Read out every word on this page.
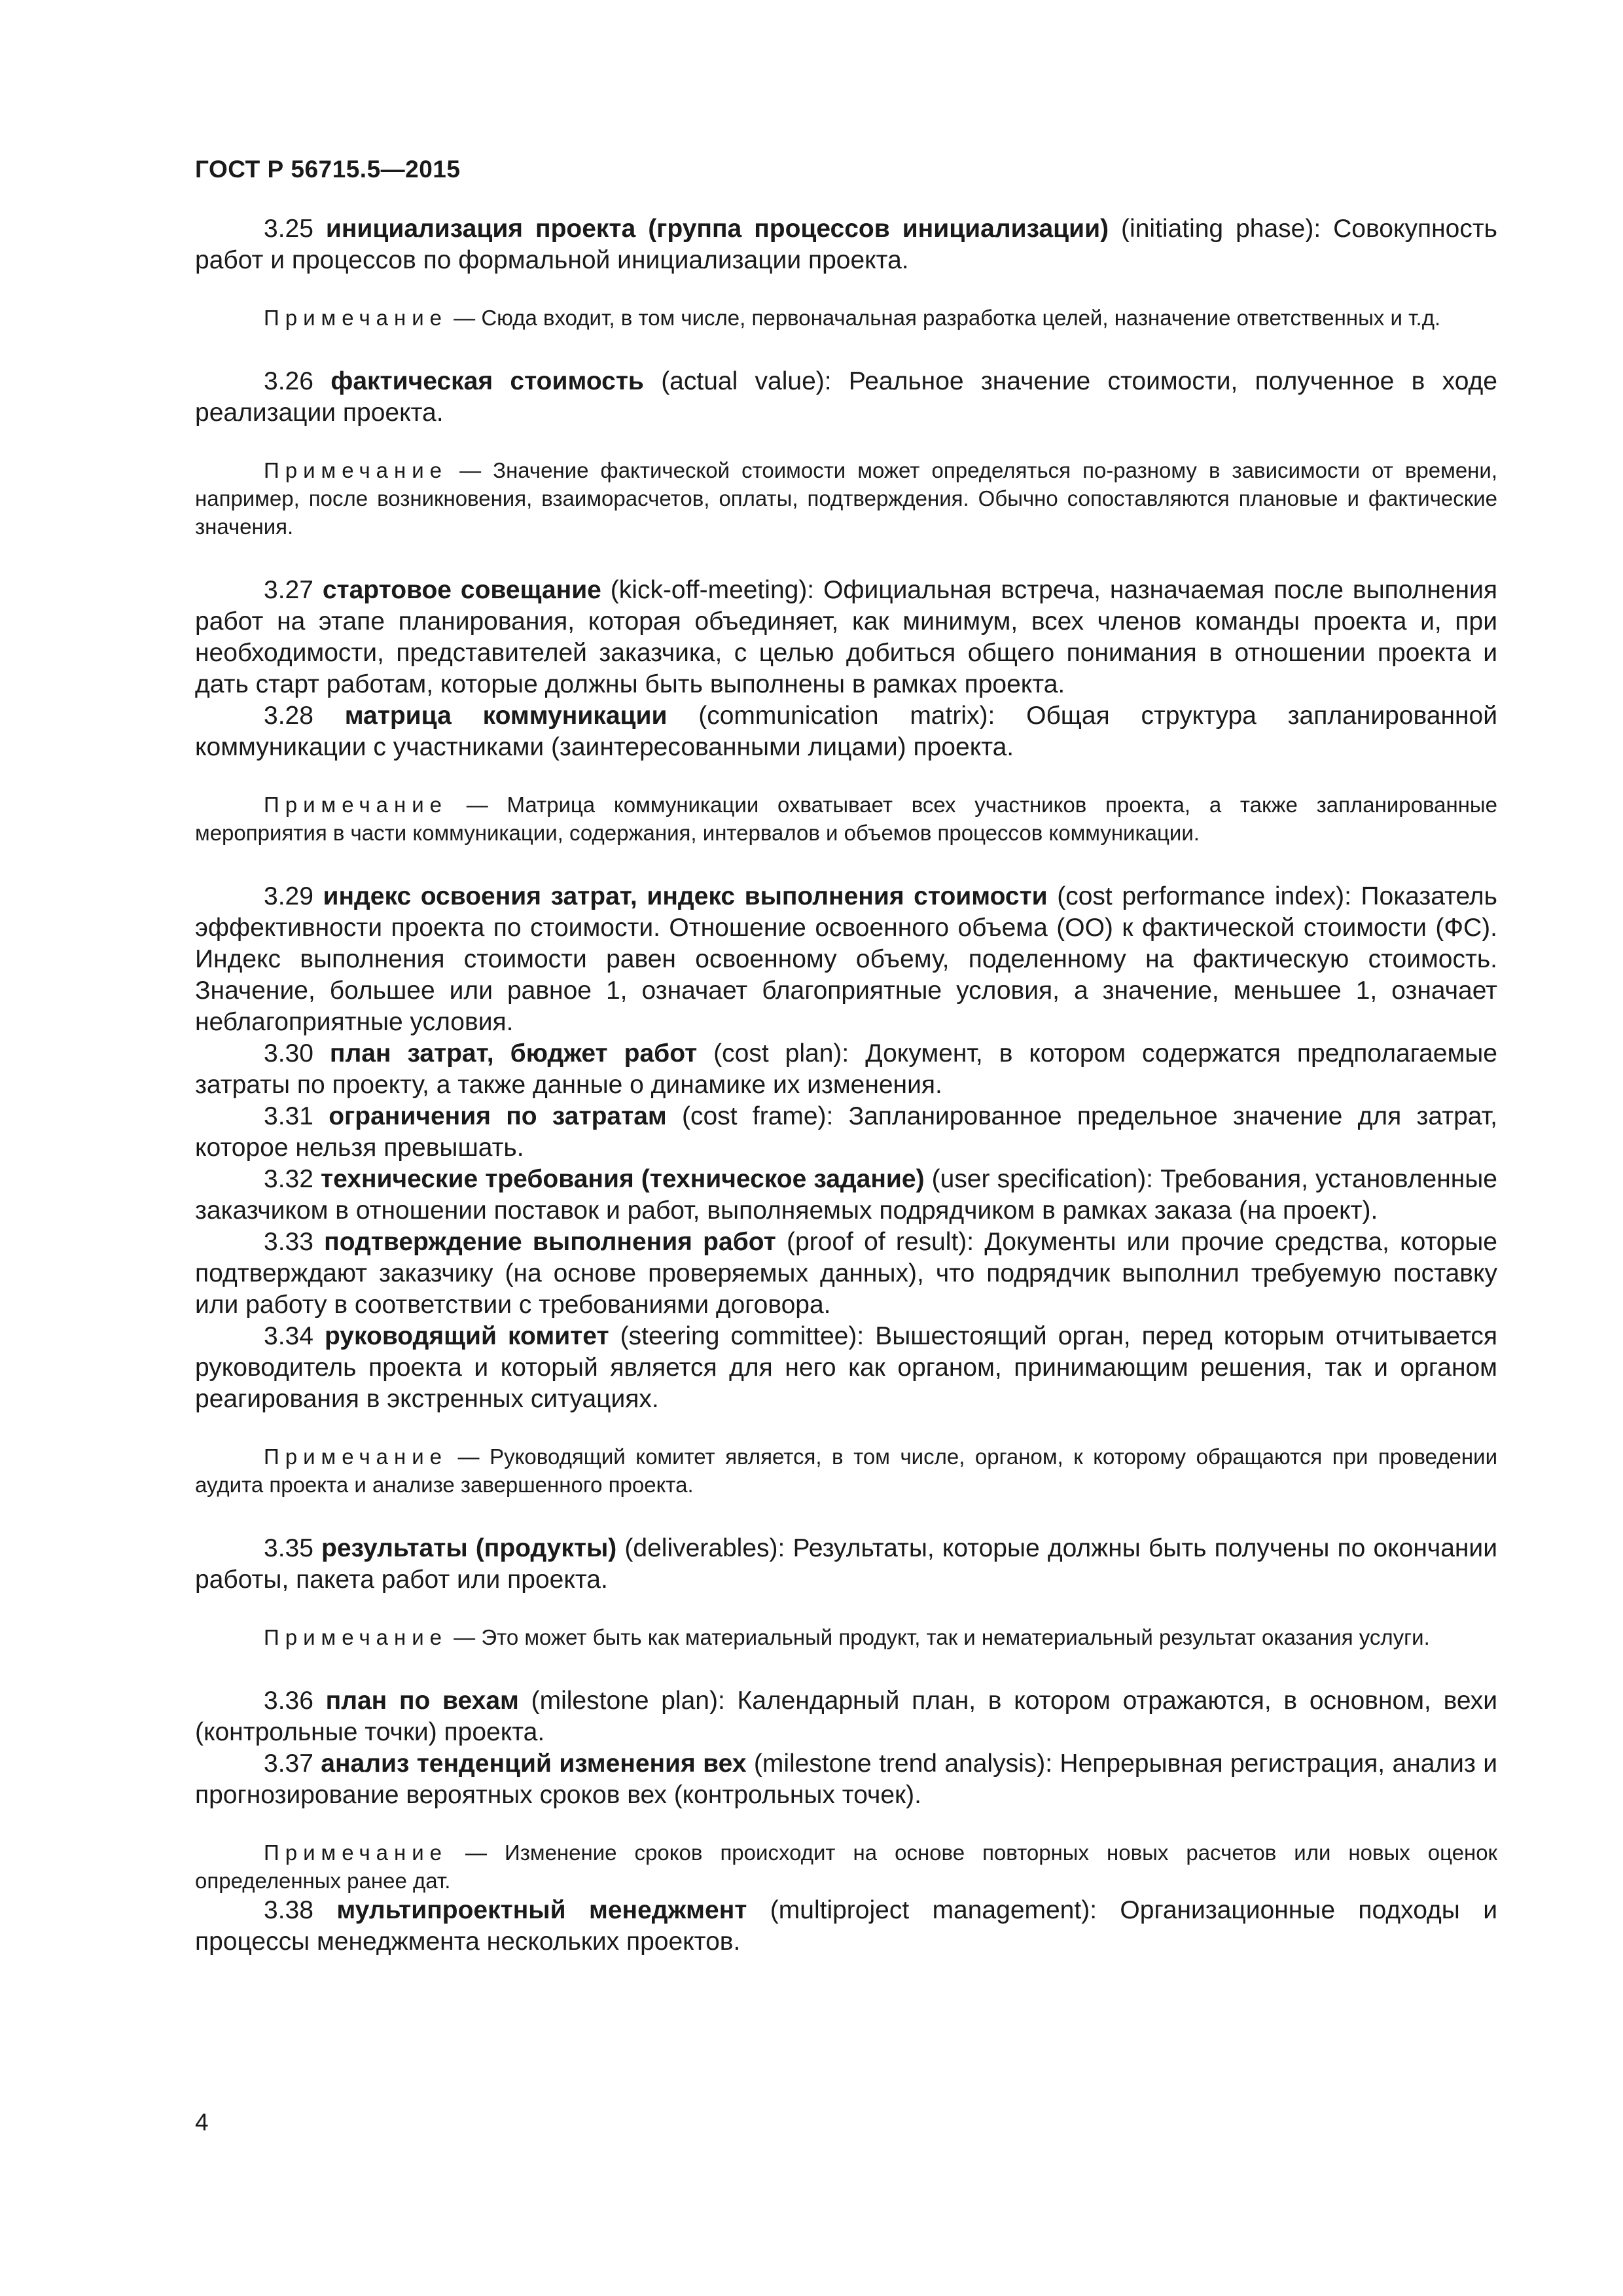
ГОСТ Р 56715.5—2015

3.25 инициализация проекта (группа процессов инициализации) (initiating phase): Совокупность работ и процессов по формальной инициализации проекта.

Примечание — Сюда входит, в том числе, первоначальная разработка целей, назначение ответственных и т.д.

3.26 фактическая стоимость (actual value): Реальное значение стоимости, полученное в ходе реализации проекта.

Примечание — Значение фактической стоимости может определяться по-разному в зависимости от времени, например, после возникновения, взаиморасчетов, оплаты, подтверждения. Обычно сопоставляются плановые и фактические значения.

3.27 стартовое совещание (kick-off-meeting): Официальная встреча, назначаемая после выполнения работ на этапе планирования, которая объединяет, как минимум, всех членов команды проекта и, при необходимости, представителей заказчика, с целью добиться общего понимания в отношении проекта и дать старт работам, которые должны быть выполнены в рамках проекта.

3.28 матрица коммуникации (communication matrix): Общая структура запланированной коммуникации с участниками (заинтересованными лицами) проекта.

Примечание — Матрица коммуникации охватывает всех участников проекта, а также запланированные мероприятия в части коммуникации, содержания, интервалов и объемов процессов коммуникации.

3.29 индекс освоения затрат, индекс выполнения стоимости (cost performance index): Показатель эффективности проекта по стоимости. Отношение освоенного объема (ОО) к фактической стоимости (ФС). Индекс выполнения стоимости равен освоенному объему, поделенному на фактическую стоимость. Значение, большее или равное 1, означает благоприятные условия, а значение, меньшее 1, означает неблагоприятные условия.

3.30 план затрат, бюджет работ (cost plan): Документ, в котором содержатся предполагаемые затраты по проекту, а также данные о динамике их изменения.

3.31 ограничения по затратам (cost frame): Запланированное предельное значение для затрат, которое нельзя превышать.

3.32 технические требования (техническое задание) (user specification): Требования, установленные заказчиком в отношении поставок и работ, выполняемых подрядчиком в рамках заказа (на проект).

3.33 подтверждение выполнения работ (proof of result): Документы или прочие средства, которые подтверждают заказчику (на основе проверяемых данных), что подрядчик выполнил требуемую поставку или работу в соответствии с требованиями договора.

3.34 руководящий комитет (steering committee): Вышестоящий орган, перед которым отчитывается руководитель проекта и который является для него как органом, принимающим решения, так и органом реагирования в экстренных ситуациях.

Примечание — Руководящий комитет является, в том числе, органом, к которому обращаются при проведении аудита проекта и анализе завершенного проекта.

3.35 результаты (продукты) (deliverables): Результаты, которые должны быть получены по окончании работы, пакета работ или проекта.

Примечание — Это может быть как материальный продукт, так и нематериальный результат оказания услуги.

3.36 план по вехам (milestone plan): Календарный план, в котором отражаются, в основном, вехи (контрольные точки) проекта.

3.37 анализ тенденций изменения вех (milestone trend analysis): Непрерывная регистрация, анализ и прогнозирование вероятных сроков вех (контрольных точек).

Примечание — Изменение сроков происходит на основе повторных новых расчетов или новых оценок определенных ранее дат.

3.38 мультипроектный менеджмент (multiproject management): Организационные подходы и процессы менеджмента нескольких проектов.

4
